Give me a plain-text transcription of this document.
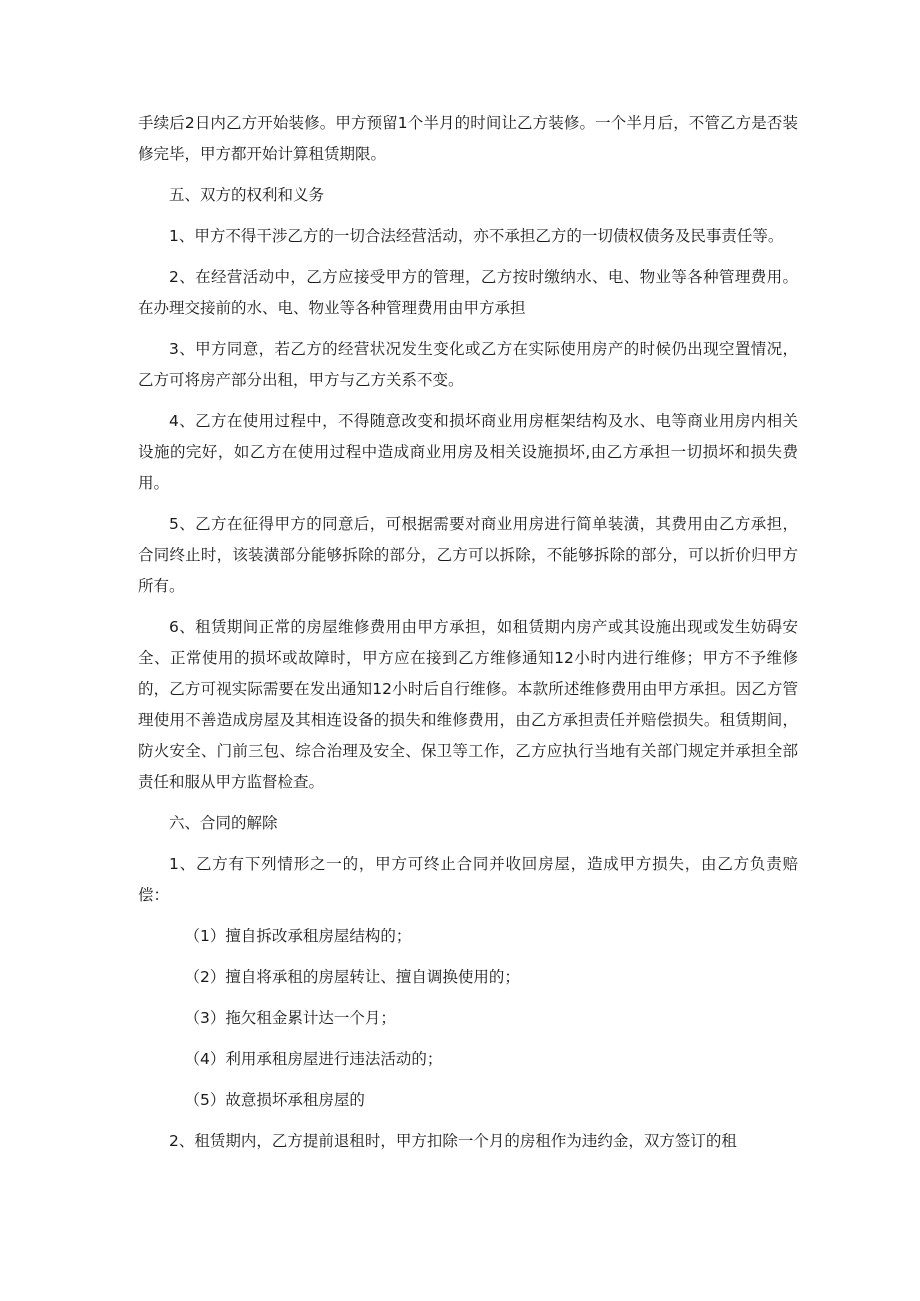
手续后2日内乙方开始装修。甲方预留1个半月的时间让乙方装修。一个半月后，不管乙方是否装修完毕，甲方都开始计算租赁期限。

五、双方的权利和义务

1、甲方不得干涉乙方的一切合法经营活动，亦不承担乙方的一切债权债务及民事责任等。

2、在经营活动中，乙方应接受甲方的管理，乙方按时缴纳水、电、物业等各种管理费用。在办理交接前的水、电、物业等各种管理费用由甲方承担

3、甲方同意，若乙方的经营状况发生变化或乙方在实际使用房产的时候仍出现空置情况，乙方可将房产部分出租，甲方与乙方关系不变。

4、乙方在使用过程中，不得随意改变和损坏商业用房框架结构及水、电等商业用房内相关设施的完好，如乙方在使用过程中造成商业用房及相关设施损坏,由乙方承担一切损坏和损失费用。

5、乙方在征得甲方的同意后，可根据需要对商业用房进行简单装潢，其费用由乙方承担，合同终止时，该装潢部分能够拆除的部分，乙方可以拆除，不能够拆除的部分，可以折价归甲方所有。

6、租赁期间正常的房屋维修费用由甲方承担，如租赁期内房产或其设施出现或发生妨碍安全、正常使用的损坏或故障时，甲方应在接到乙方维修通知12小时内进行维修；甲方不予维修的，乙方可视实际需要在发出通知12小时后自行维修。本款所述维修费用由甲方承担。因乙方管理使用不善造成房屋及其相连设备的损失和维修费用，由乙方承担责任并赔偿损失。租赁期间，防火安全、门前三包、综合治理及安全、保卫等工作，乙方应执行当地有关部门规定并承担全部责任和服从甲方监督检查。

六、合同的解除

1、乙方有下列情形之一的，甲方可终止合同并收回房屋，造成甲方损失，由乙方负责赔偿：

（1）擅自拆改承租房屋结构的；

（2）擅自将承租的房屋转让、擅自调换使用的；

（3）拖欠租金累计达一个月；

（4）利用承租房屋进行违法活动的；

（5）故意损坏承租房屋的

2、租赁期内，乙方提前退租时，甲方扣除一个月的房租作为违约金，双方签订的租
